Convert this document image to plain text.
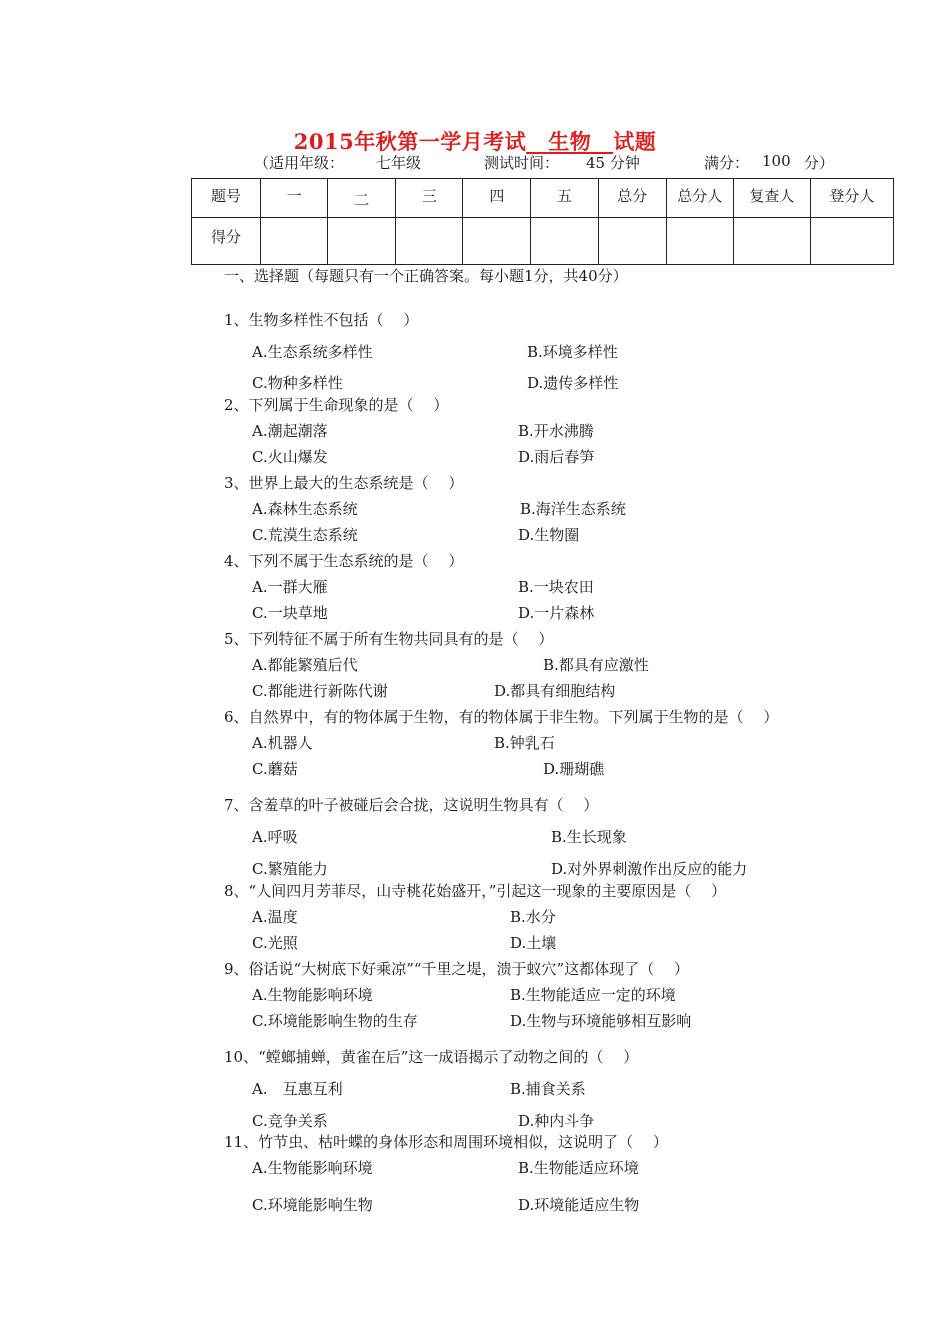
2015年秋第一学月考试__生物__试题
（适用年级： 七年级	测试时间： 45 分钟	满分： 100 分）
题号	一	二	三	四	五	总分	总分人	复查人	登分人
得分									
一、选择题（每题只有一个正确答案。每小题1分，共40分）
1、生物多样性不包括（　 ）
A.生态系统多样性	B.环境多样性
C.物种多样性	D.遗传多样性
2、下列属于生命现象的是（　 ）
A.潮起潮落	B.开水沸腾
C.火山爆发	D.雨后春笋
3、世界上最大的生态系统是（　 ）
A.森林生态系统	B.海洋生态系统
C.荒漠生态系统	D.生物圈
4、下列不属于生态系统的是（　 ）
A.一群大雁	B.一块农田
C.一块草地	D.一片森林
5、下列特征不属于所有生物共同具有的是（　 ）
A.都能繁殖后代	B.都具有应激性
C.都能进行新陈代谢	D.都具有细胞结构
6、自然界中，有的物体属于生物，有的物体属于非生物。下列属于生物的是（　 ）
A.机器人	B.钟乳石
C.蘑菇	D.珊瑚礁
7、含羞草的叶子被碰后会合拢，这说明生物具有（　 ）
A.呼吸	B.生长现象
C.繁殖能力	D.对外界刺激作出反应的能力
8、“人间四月芳菲尽，山寺桃花始盛开，”引起这一现象的主要原因是（　 ）
A.温度	B.水分
C.光照	D.土壤
9、俗话说“大树底下好乘凉”“千里之堤，溃于蚁穴”这都体现了（　 ）
A.生物能影响环境	B.生物能适应一定的环境
C.环境能影响生物的生存	D.生物与环境能够相互影响
10、“螳螂捕蝉，黄雀在后”这一成语揭示了动物之间的（　 ）
A.　互惠互利	B.捕食关系
C.竞争关系	D.种内斗争
11、竹节虫、枯叶蝶的身体形态和周围环境相似，这说明了（　 ）
A.生物能影响环境	B.生物能适应环境
C.环境能影响生物	D.环境能适应生物
